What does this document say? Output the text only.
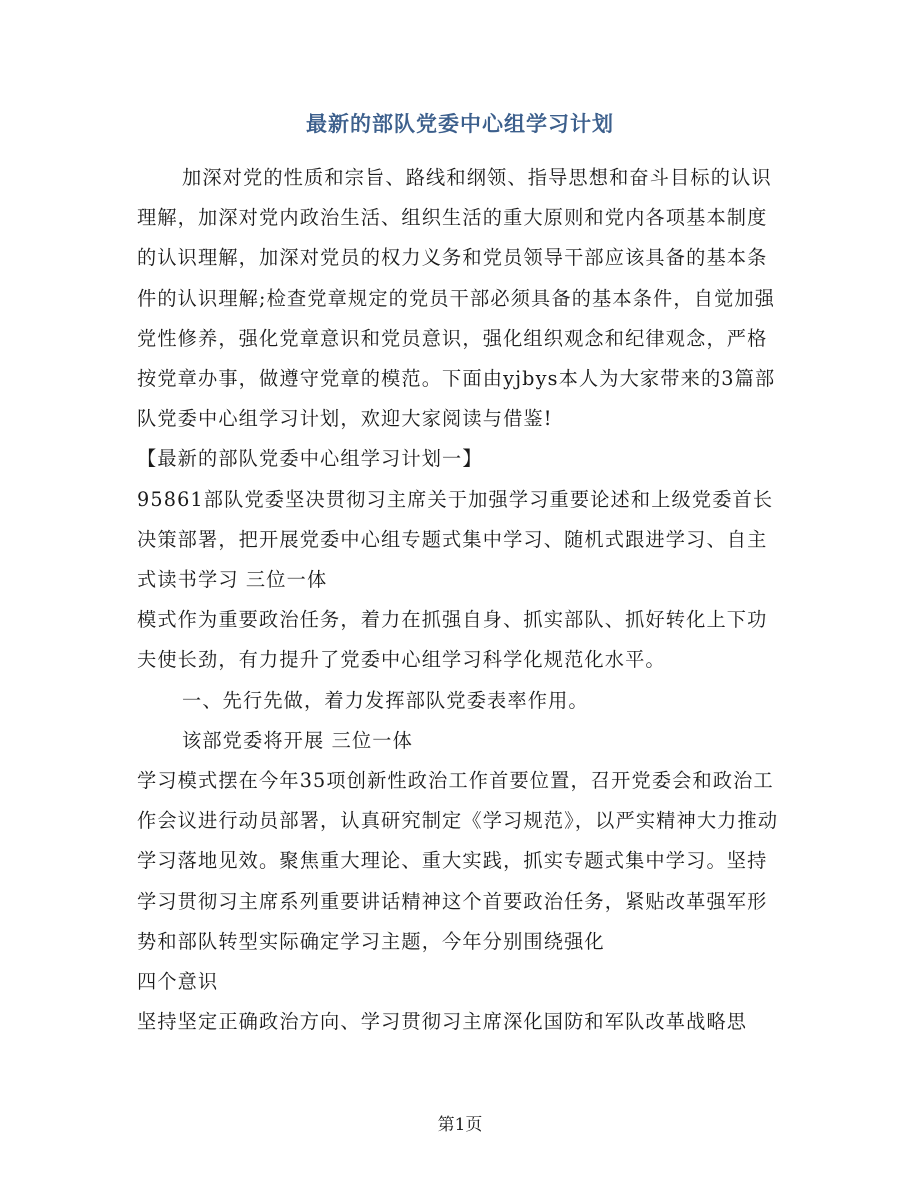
最新的部队党委中心组学习计划

加深对党的性质和宗旨、路线和纲领、指导思想和奋斗目标的认识理解，加深对党内政治生活、组织生活的重大原则和党内各项基本制度的认识理解，加深对党员的权力义务和党员领导干部应该具备的基本条件的认识理解;检查党章规定的党员干部必须具备的基本条件，自觉加强党性修养，强化党章意识和党员意识，强化组织观念和纪律观念，严格按党章办事，做遵守党章的模范。下面由yjbys本人为大家带来的3篇部队党委中心组学习计划，欢迎大家阅读与借鉴!

【最新的部队党委中心组学习计划一】

95861部队党委坚决贯彻习主席关于加强学习重要论述和上级党委首长决策部署，把开展党委中心组专题式集中学习、随机式跟进学习、自主式读书学习 三位一体

模式作为重要政治任务，着力在抓强自身、抓实部队、抓好转化上下功夫使长劲，有力提升了党委中心组学习科学化规范化水平。

一、先行先做，着力发挥部队党委表率作用。

该部党委将开展 三位一体

学习模式摆在今年35项创新性政治工作首要位置，召开党委会和政治工作会议进行动员部署，认真研究制定《学习规范》，以严实精神大力推动学习落地见效。聚焦重大理论、重大实践，抓实专题式集中学习。坚持学习贯彻习主席系列重要讲话精神这个首要政治任务，紧贴改革强军形势和部队转型实际确定学习主题，今年分别围绕强化

四个意识

坚持坚定正确政治方向、学习贯彻习主席深化国防和军队改革战略思

第1页
